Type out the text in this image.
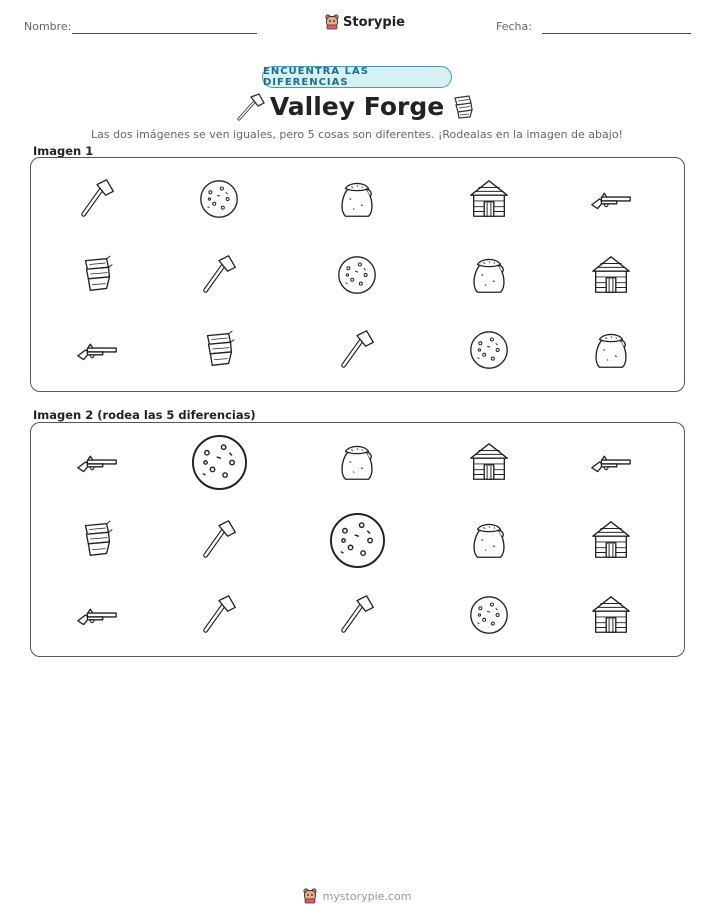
Nombre:	Storypie	Fecha:
ENCUENTRA LAS DIFERENCIAS
Valley Forge
Las dos imágenes se ven iguales, pero 5 cosas son diferentes. ¡Rodealas en la imagen de abajo!
Imagen 1
Imagen 2 (rodea las 5 diferencias)
mystorypie.com
